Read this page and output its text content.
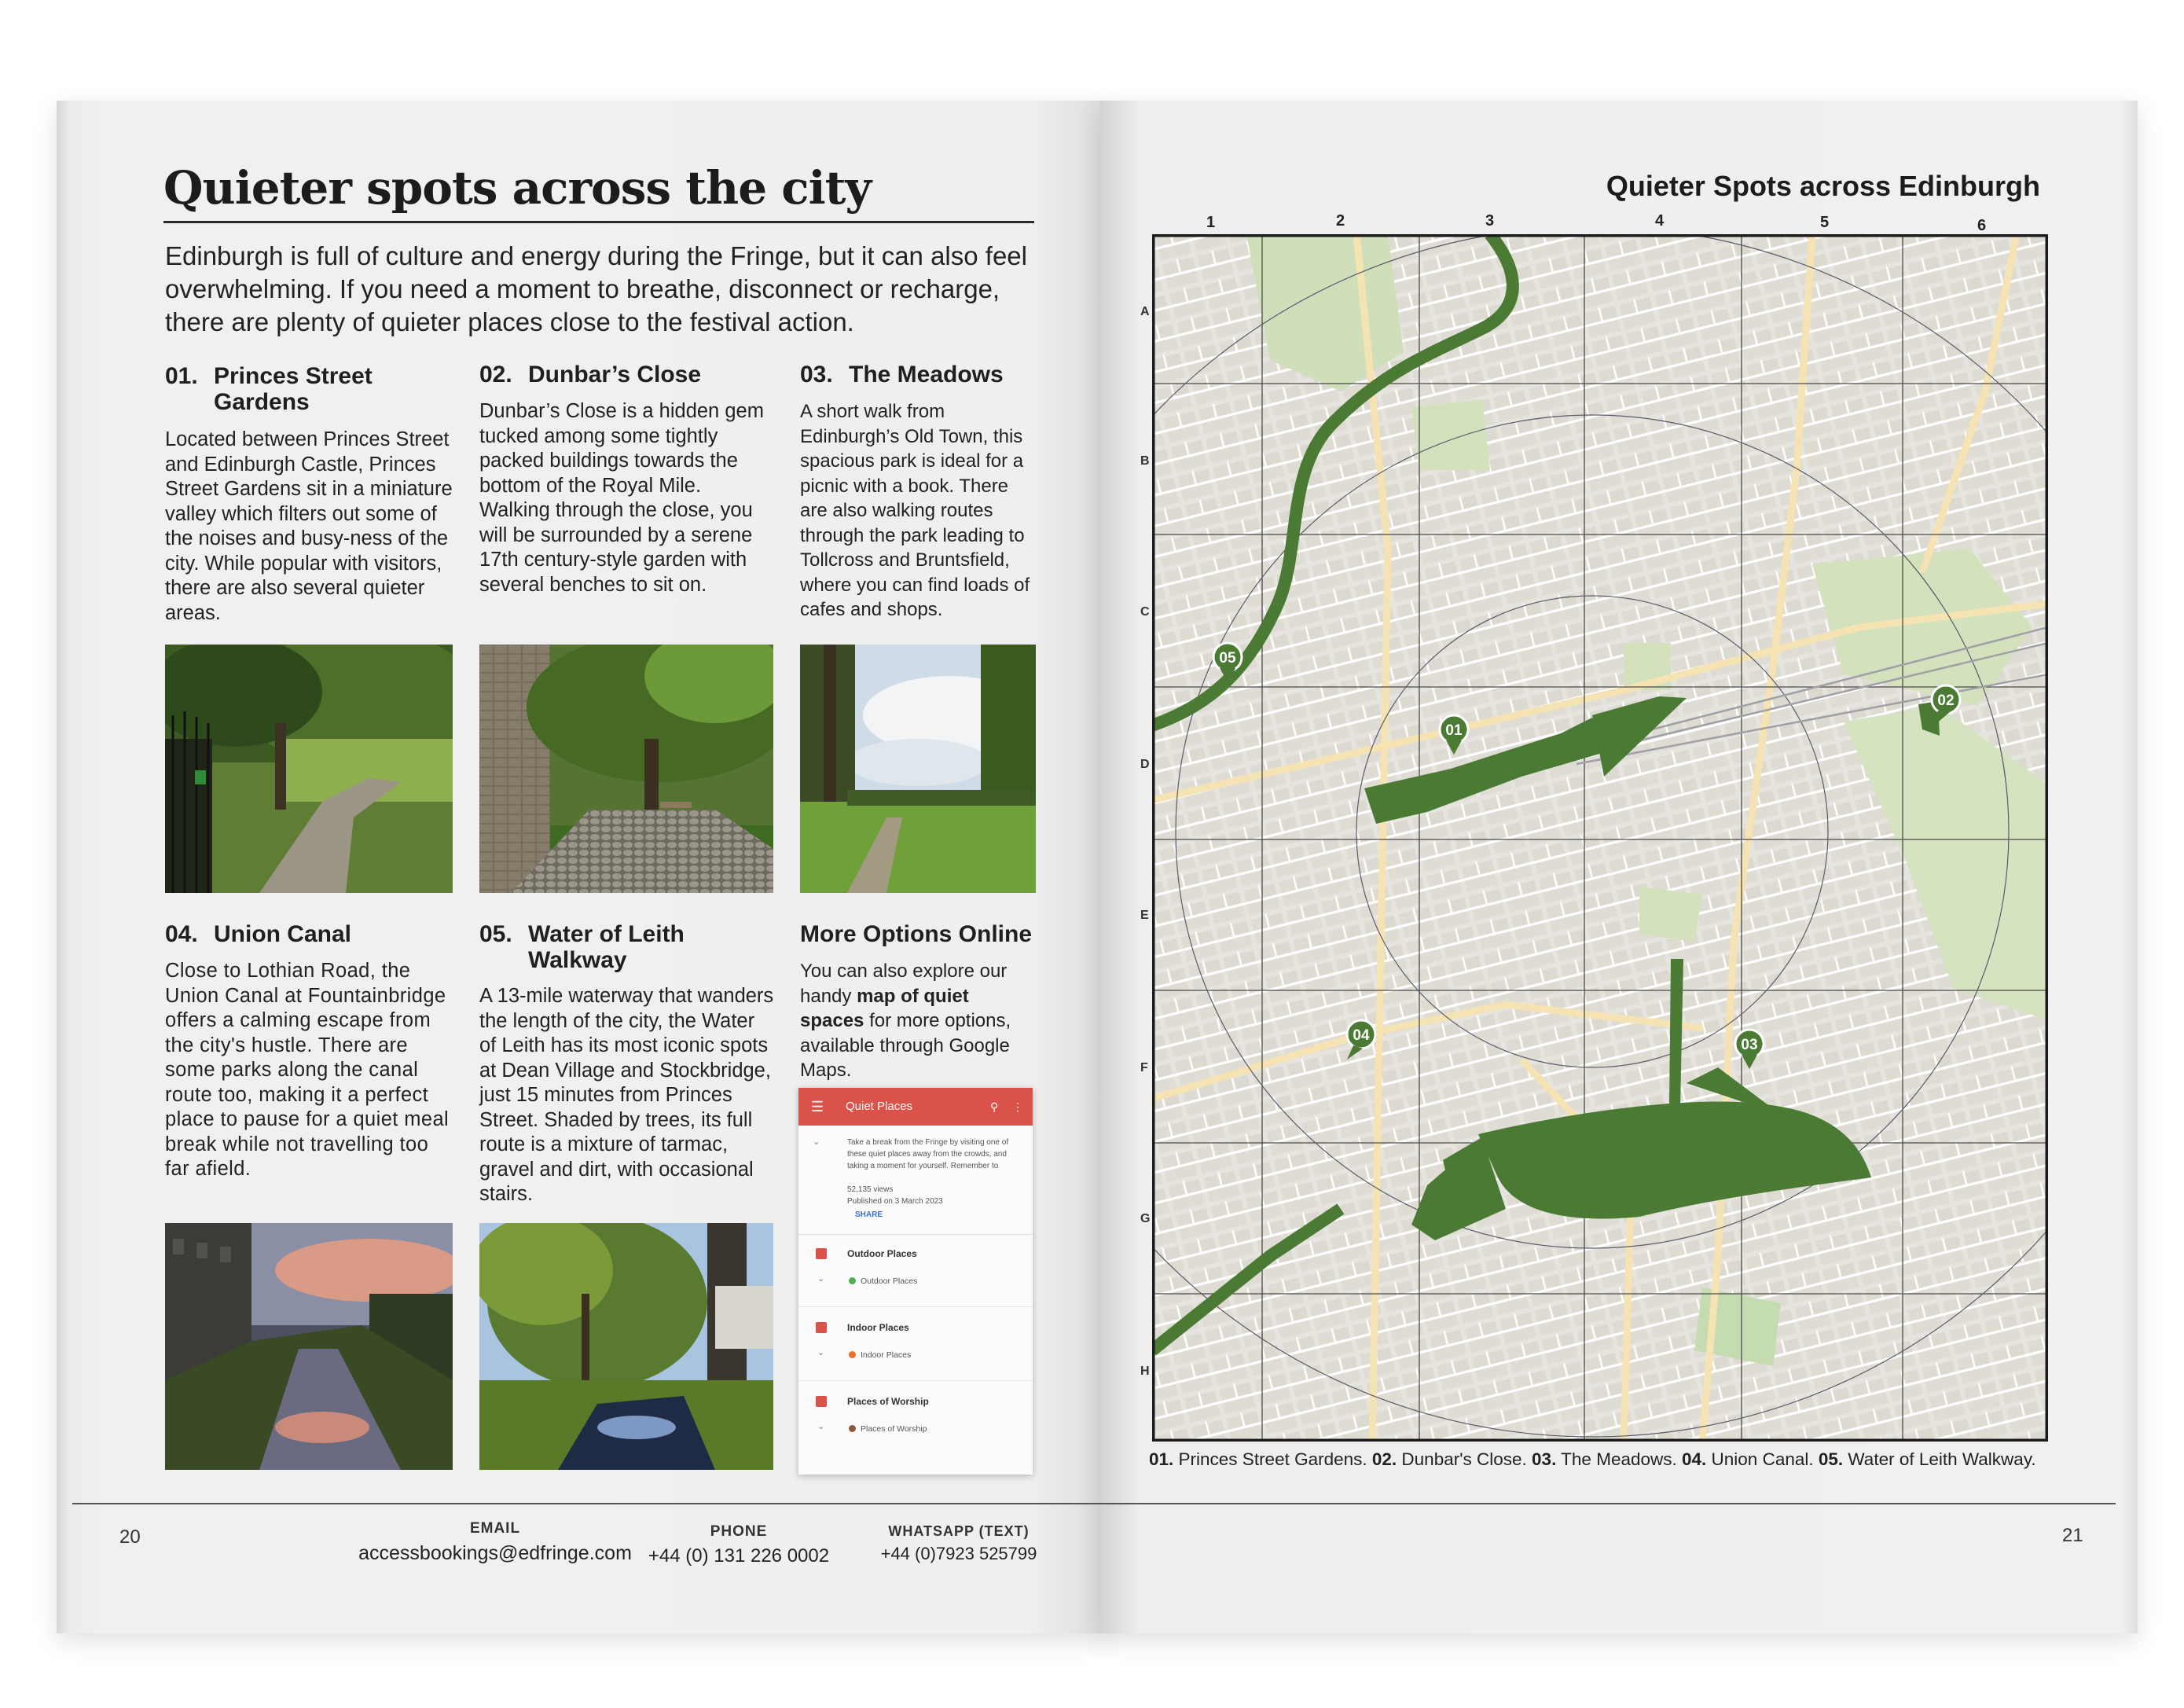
Quieter spots across the city
Edinburgh is full of culture and energy during the Fringe, but it can also feel overwhelming. If you need a moment to breathe, disconnect or recharge, there are plenty of quieter places close to the festival action.
01. Princes Street
Gardens
Located between Princes Street and Edinburgh Castle, Princes Street Gardens sit in a miniature valley which filters out some of the noises and busy-ness of the city. While popular with visitors, there are also several quieter areas.
02. Dunbar’s Close
Dunbar’s Close is a hidden gem tucked among some tightly packed buildings towards the bottom of the Royal Mile. Walking through the close, you will be surrounded by a serene 17th century-style garden with several benches to sit on.
03. The Meadows
A short walk from Edinburgh’s Old Town, this spacious park is ideal for a picnic with a book. There are also walking routes through the park leading to Tollcross and Bruntsfield, where you can find loads of cafes and shops.
04. Union Canal
Close to Lothian Road, the Union Canal at Fountainbridge offers a calming escape from the city's hustle. There are some parks along the canal route too, making it a perfect place to pause for a quiet meal break while not travelling too far afield.
05. Water of Leith
Walkway
A 13-mile waterway that wanders the length of the city, the Water of Leith has its most iconic spots at Dean Village and Stockbridge, just 15 minutes from Princes Street. Shaded by trees, its full route is a mixture of tarmac, gravel and dirt, with occasional stairs.
More Options Online
You can also explore our handy map of quiet spaces for more options, available through Google Maps.
☰ Quiet Places	⚲ ⋮
⌄	Take a break from the Fringe by visiting one of these quiet places away from the crowds, and taking a moment for yourself. Remember to
52,135 views
Published on 3 March 2023
SHARE
Outdoor Places
⌄	Outdoor Places
Indoor Places
⌄	Indoor Places
Places of Worship
⌄	Places of Worship
20	EMAIL
accessbookings@edfringe.com
PHONE
+44 (0) 131 226 0002
WHATSAPP (TEXT)
+44 (0)7923 525799
21
Quieter Spots across Edinburgh
1	2	3	4	5	6
A
B
C
D
E
F
G
H
01
02
03
04
05
01. Princes Street Gardens. 02. Dunbar's Close. 03. The Meadows. 04. Union Canal. 05. Water of Leith Walkway.
